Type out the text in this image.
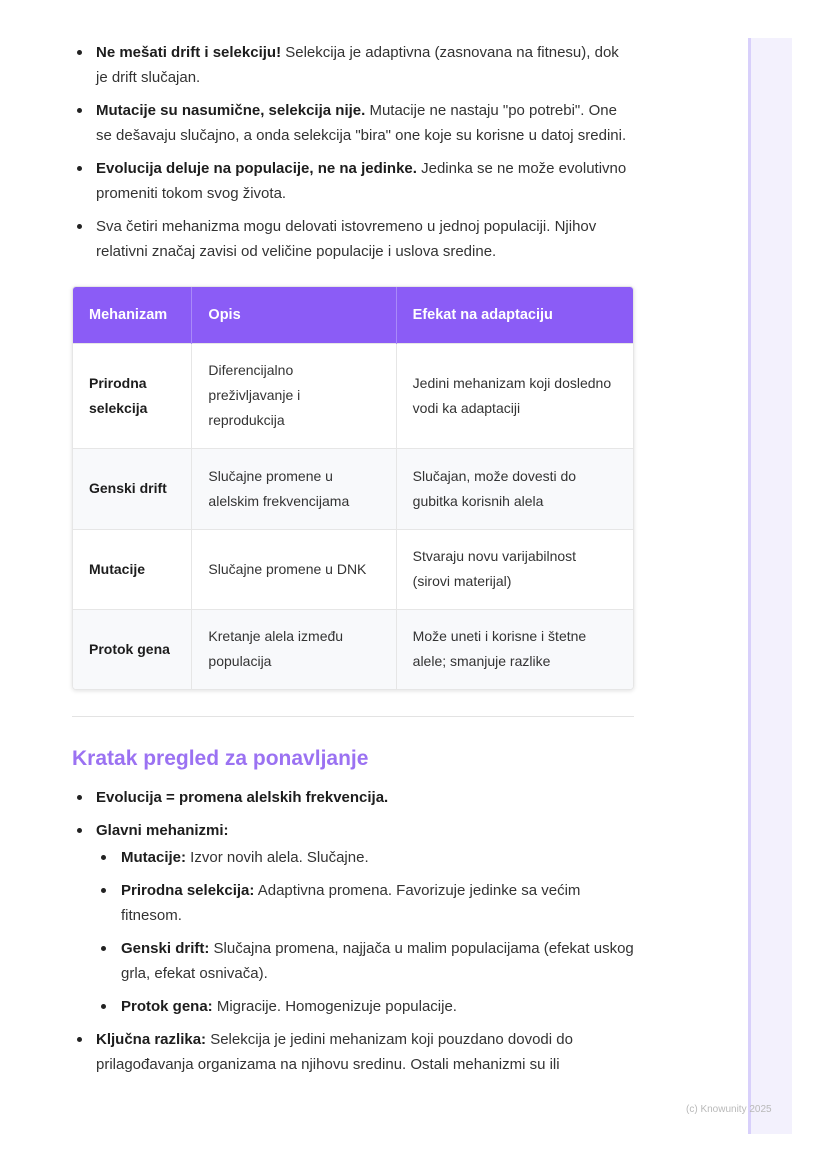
Ne mešati drift i selekciju! Selekcija je adaptivna (zasnovana na fitnesu), dok je drift slučajan.
Mutacije su nasumične, selekcija nije. Mutacije ne nastaju "po potrebi". One se dešavaju slučajno, a onda selekcija "bira" one koje su korisne u datoj sredini.
Evolucija deluje na populacije, ne na jedinke. Jedinka se ne može evolutivno promeniti tokom svog života.
Sva četiri mehanizma mogu delovati istovremeno u jednoj populaciji. Njihov relativni značaj zavisi od veličine populacije i uslova sredine.
Mehanizam	Opis	Efekat na adaptaciju
Prirodna selekcija	Diferencijalno preživljavanje i reprodukcija	Jedini mehanizam koji dosledno vodi ka adaptaciji
Genski drift	Slučajne promene u alelskim frekvencijama	Slučajan, može dovesti do gubitka korisnih alela
Mutacije	Slučajne promene u DNK	Stvaraju novu varijabilnost (sirovi materijal)
Protok gena	Kretanje alela između populacija	Može uneti i korisne i štetne alele; smanjuje razlike
Kratak pregled za ponavljanje
Evolucija = promena alelskih frekvencija.
Glavni mehanizmi:
Mutacije: Izvor novih alela. Slučajne.
Prirodna selekcija: Adaptivna promena. Favorizuje jedinke sa većim fitnesom.
Genski drift: Slučajna promena, najjača u malim populacijama (efekat uskog grla, efekat osnivača).
Protok gena: Migracije. Homogenizuje populacije.
Ključna razlika: Selekcija je jedini mehanizam koji pouzdano dovodi do prilagođavanja organizama na njihovu sredinu. Ostali mehanizmi su ili
(c) Knowunity 2025
